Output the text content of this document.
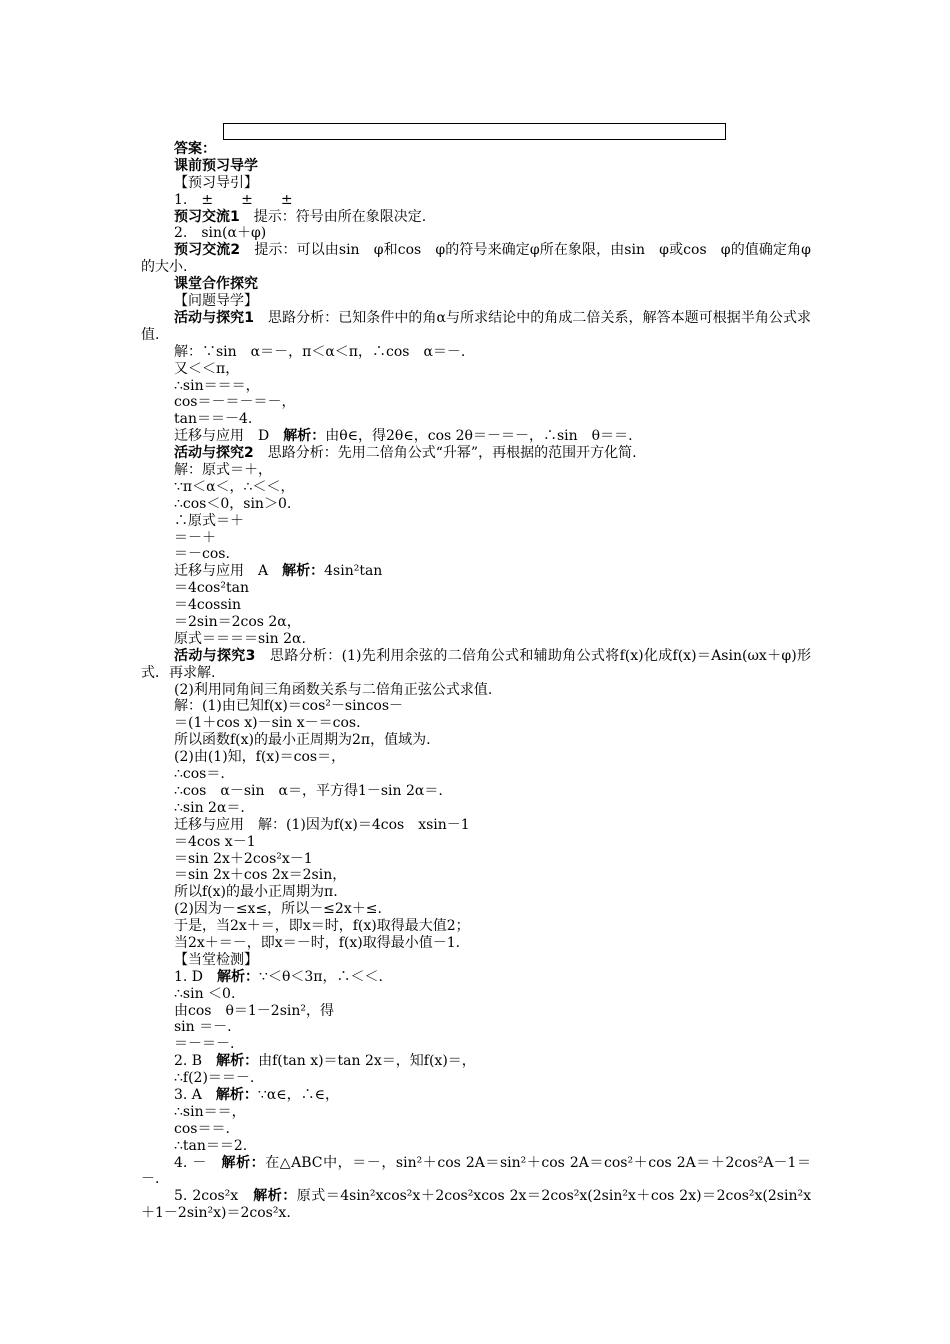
答案：
课前预习导学
【预习导引】
1.　±　　±　　±
预习交流1　提示：符号由所在象限决定.
2.　sin(α＋φ)
预习交流2　提示：可以由sin　φ和cos　φ的符号来确定φ所在象限，由sin　φ或cos　φ的值确定角φ的大小.
课堂合作探究
【问题导学】
活动与探究1　思路分析：已知条件中的角α与所求结论中的角成二倍关系，解答本题可根据半角公式求值.
解：∵sin　α＝－，π＜α＜π，∴cos　α＝－.
又＜＜π，
∴sin＝＝＝，
cos＝－＝－＝－，
tan＝＝－4.
迁移与应用　D　解析：由θ∈，得2θ∈，cos 2θ＝－＝－，∴sin　θ＝＝.
活动与探究2　思路分析：先用二倍角公式“升幂”，再根据的范围开方化简.
解：原式＝＋，
∵π＜α＜，∴＜＜，
∴cos＜0，sin＞0.
∴原式＝＋
＝－＋
＝－cos.
迁移与应用　A　解析：4sin²tan
＝4cos²tan
＝4cossin
＝2sin＝2cos 2α，
原式＝＝＝＝sin 2α.
活动与探究3　思路分析：(1)先利用余弦的二倍角公式和辅助角公式将f(x)化成f(x)＝Asin(ωx＋φ)形式．再求解.
(2)利用同角间三角函数关系与二倍角正弦公式求值.
解：(1)由已知f(x)＝cos²－sincos－
＝(1＋cos x)－sin x－＝cos.
所以函数f(x)的最小正周期为2π，值域为.
(2)由(1)知，f(x)＝cos＝，
∴cos＝.
∴cos　α－sin　α＝，平方得1－sin 2α＝.
∴sin 2α＝.
迁移与应用　解：(1)因为f(x)＝4cos　xsin－1
＝4cos x－1
＝sin 2x＋2cos²x－1
＝sin 2x＋cos 2x＝2sin，
所以f(x)的最小正周期为π.
(2)因为－≤x≤，所以－≤2x＋≤.
于是，当2x＋＝，即x＝时，f(x)取得最大值2；
当2x＋＝－，即x＝－时，f(x)取得最小值－1.
【当堂检测】
1. D　解析：∵＜θ＜3π，∴＜＜.
∴sin ＜0.
由cos　θ＝1－2sin²，得
sin ＝－.
＝－＝－.
2. B　解析：由f(tan x)＝tan 2x＝，知f(x)＝，
∴f(2)＝＝－.
3. A　解析：∵α∈，∴∈，
∴sin＝＝，
cos＝＝.
∴tan＝＝2.
4. －　解析：在△ABC中，＝－，sin²＋cos 2A＝sin²＋cos 2A＝cos²＋cos 2A＝＋2cos²A－1＝－.
5. 2cos²x　解析：原式＝4sin²xcos²x＋2cos²xcos 2x＝2cos²x(2sin²x＋cos 2x)＝2cos²x(2sin²x＋1－2sin²x)＝2cos²x.
